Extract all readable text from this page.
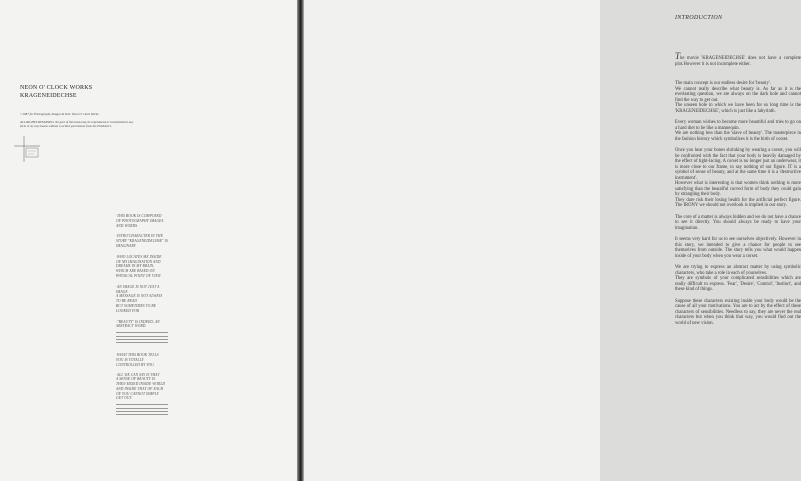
NEON O' CLOCK WORKS
KRAGENEIDECHSE
©1987 for Photography Images & Text: Neon O' clock Works
ALL RIGHTS RESERVED. No part of this book may be reproduced or transmitted in any form or by any means without a written permission from the Publishers.

·THIS BOOK IS COMPOSED
OF PHOTOGRAPHY IMAGES
AND WORDS.

·INTRO'CHARACTER IN THE
STORY "KRAGENEIDECHSE" IS
IMAGINARY

·WHO LOCATES ME INSIDE
OF MY IMAGINATION AND
DREAMS IN MY BRAIN,
WHICH ARE BASED ON
PHYSICAL POINT OF VIEW

·AN IMAGE IS NOT JUST A
IMAGE
A MESSAGE IS NOT ALWAYS
TO BE READ
BUT SOMETIMES TO BE
LOOKED FOR

·"BEAUTY" IS INDEED, AN
ABSTRACT WORD.

·WHAT THIS BOOK TELLS
YOU IS TOTALLY
CONTROLLED BY YOU.

·ALL WE CAN SAY IS THAT
A SENSE OF BEAUTY IS
THEN MIXED INSIDE WORLD
AND INSIDE THAT OF EACH
OF YOU CANNOT SIMPLY
GET OUT.

INTRODUCTION

The movie 'KRAGENEIDECHSE' does not have a complete plot.However it is not incomplete either.

The main concept is our endless desire for 'beauty'.
We cannot really describe what beauty is. As far as it is the everlasting question, we are always on the dark hole and cannot find the way to get out.
The unseen hole in which we have been for so long time is the 'KRAGENEIDECHSE', which is just like a labyrinth.

Every woman wishes to become more beautiful and tries to go on a hard diet to be like a mannequin.
We are nothing less than the 'slave of beauty'. The masterpiece in the fashion history which symbolizes it is the birth of corset.

Once you hear your bones shrinking by wearing a corset, you will be confronted with the fact that your body is heavily damaged by the effect of tight-lacing. A corset is no longer just an underwear, it is more close to our frame, to say nothing of our figure. IT is a symbol of sense of beauty, and at the same time it is a 'destructive instrument'.
However what is interesting is that women think nothing is more satisfying than the beautiful curved form of body they could gain by strangling their body.
They dare risk their losing health for the artificial perfect figure. The IRONY we should not overlook is implied in our story.

The core of a matter is always hidden and we do not have a chance to see it directly. You should always be ready to have your imagination.

It seems very hard for us to see ourselves objectively. However in this story, we intended to give a chance for people to see themselves from outside. The story tells you what would happen inside of your body when you wear a corset.

We are trying to express an abstract matter by using symbolic characters, who take a role in each of yourselves.
They are symbols of your complicated sensibilities which are really difficult to express. 'Fear', 'Desire', 'Control', 'Instinct', and these kind of things.

Suppose these characters existing inside your body would be the cause of all your motivations. You are to act by the effect of these characters of sensibilities. Needless to say, they are never the real characters but when you think that way, you would find out the world of new vision.
